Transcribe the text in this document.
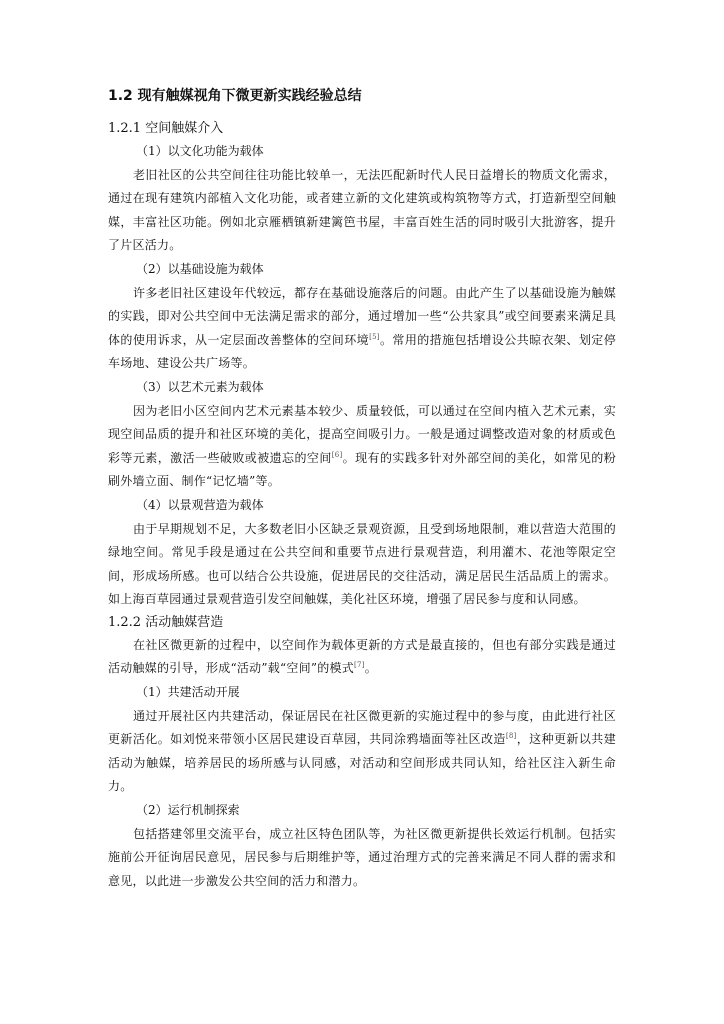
1.2 现有触媒视角下微更新实践经验总结
1.2.1 空间触媒介入

（1）以文化功能为载体

老旧社区的公共空间往往功能比较单一，无法匹配新时代人民日益增长的物质文化需求，通过在现有建筑内部植入文化功能，或者建立新的文化建筑或构筑物等方式，打造新型空间触媒，丰富社区功能。例如北京雁栖镇新建篱笆书屋，丰富百姓生活的同时吸引大批游客，提升了片区活力。

（2）以基础设施为载体

许多老旧社区建设年代较远，都存在基础设施落后的问题。由此产生了以基础设施为触媒的实践，即对公共空间中无法满足需求的部分，通过增加一些“公共家具”或空间要素来满足具体的使用诉求，从一定层面改善整体的空间环境[5]。常用的措施包括增设公共晾衣架、划定停车场地、建设公共广场等。

（3）以艺术元素为载体

因为老旧小区空间内艺术元素基本较少、质量较低，可以通过在空间内植入艺术元素，实现空间品质的提升和社区环境的美化，提高空间吸引力。一般是通过调整改造对象的材质或色彩等元素，激活一些破败或被遗忘的空间[6]。现有的实践多针对外部空间的美化，如常见的粉刷外墙立面、制作“记忆墙”等。

（4）以景观营造为载体

由于早期规划不足，大多数老旧小区缺乏景观资源，且受到场地限制，难以营造大范围的绿地空间。常见手段是通过在公共空间和重要节点进行景观营造，利用灌木、花池等限定空间，形成场所感。也可以结合公共设施，促进居民的交往活动，满足居民生活品质上的需求。如上海百草园通过景观营造引发空间触媒，美化社区环境，增强了居民参与度和认同感。

1.2.2 活动触媒营造

在社区微更新的过程中，以空间作为载体更新的方式是最直接的，但也有部分实践是通过活动触媒的引导，形成“活动”载“空间”的模式[7]。

（1）共建活动开展

通过开展社区内共建活动，保证居民在社区微更新的实施过程中的参与度，由此进行社区更新活化。如刘悦来带领小区居民建设百草园，共同涂鸦墙面等社区改造[8]，这种更新以共建活动为触媒，培养居民的场所感与认同感，对活动和空间形成共同认知，给社区注入新生命力。

（2）运行机制探索

包括搭建邻里交流平台，成立社区特色团队等，为社区微更新提供长效运行机制。包括实施前公开征询居民意见，居民参与后期维护等，通过治理方式的完善来满足不同人群的需求和意见，以此进一步激发公共空间的活力和潜力。
